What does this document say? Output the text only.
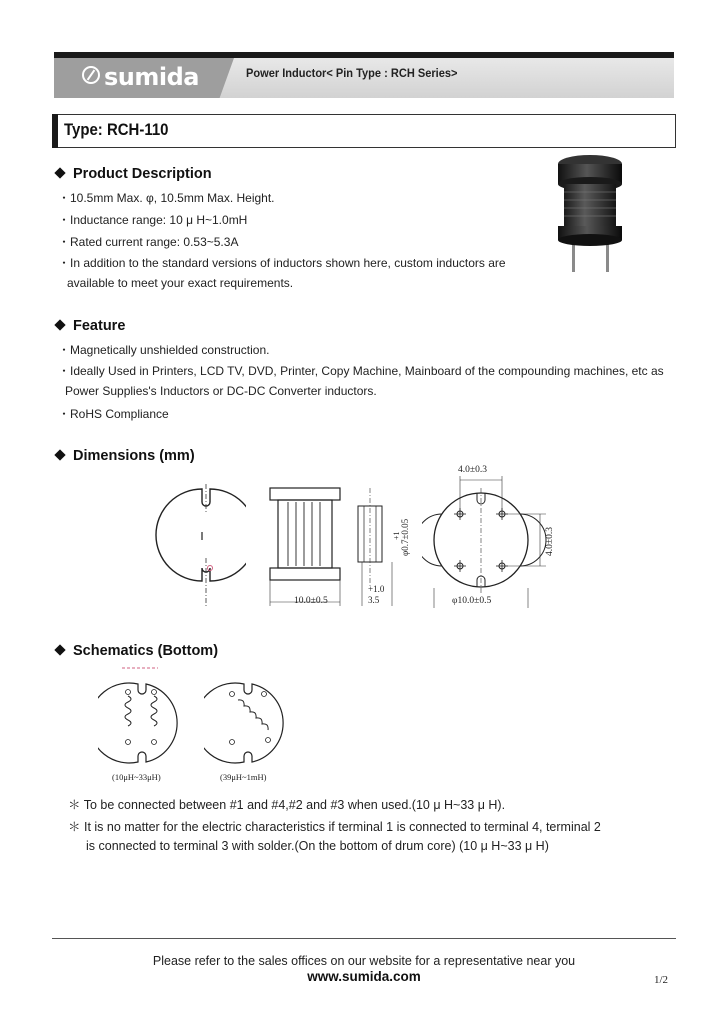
sumida	Power Inductor< Pin Type : RCH Series>
Type: RCH-110
Product Description
・10.5mm Max. φ, 10.5mm Max. Height.
・Inductance range: 10 μ H~1.0mH
・Rated current range: 0.53~5.3A
・In addition to the standard versions of inductors shown here, custom inductors are
available to meet your exact requirements.
Feature
・Magnetically unshielded construction.
・Ideally Used in Printers, LCD TV, DVD, Printer, Copy Machine, Mainboard of the compounding machines, etc as
Power Supplies's Inductors or DC-DC Converter inductors.
・RoHS Compliance
Dimensions (mm)
10.0±0.5
+1.0
3.5
φ0.7±0.05
+1
4.0±0.3
4.0±0.3
φ10.0±0.5
Schematics (Bottom)
(10μH~33μH)	(39μH~1mH)
＊ To be connected between #1 and #4,#2 and #3 when used.(10 μ H~33 μ H).
＊ It is no matter for the electric characteristics if terminal 1 is connected to terminal 4, terminal 2
is connected to terminal 3 with solder.(On the bottom of drum core) (10 μ H~33 μ H)
Please refer to the sales offices on our website for a representative near you
www.sumida.com	1/2
